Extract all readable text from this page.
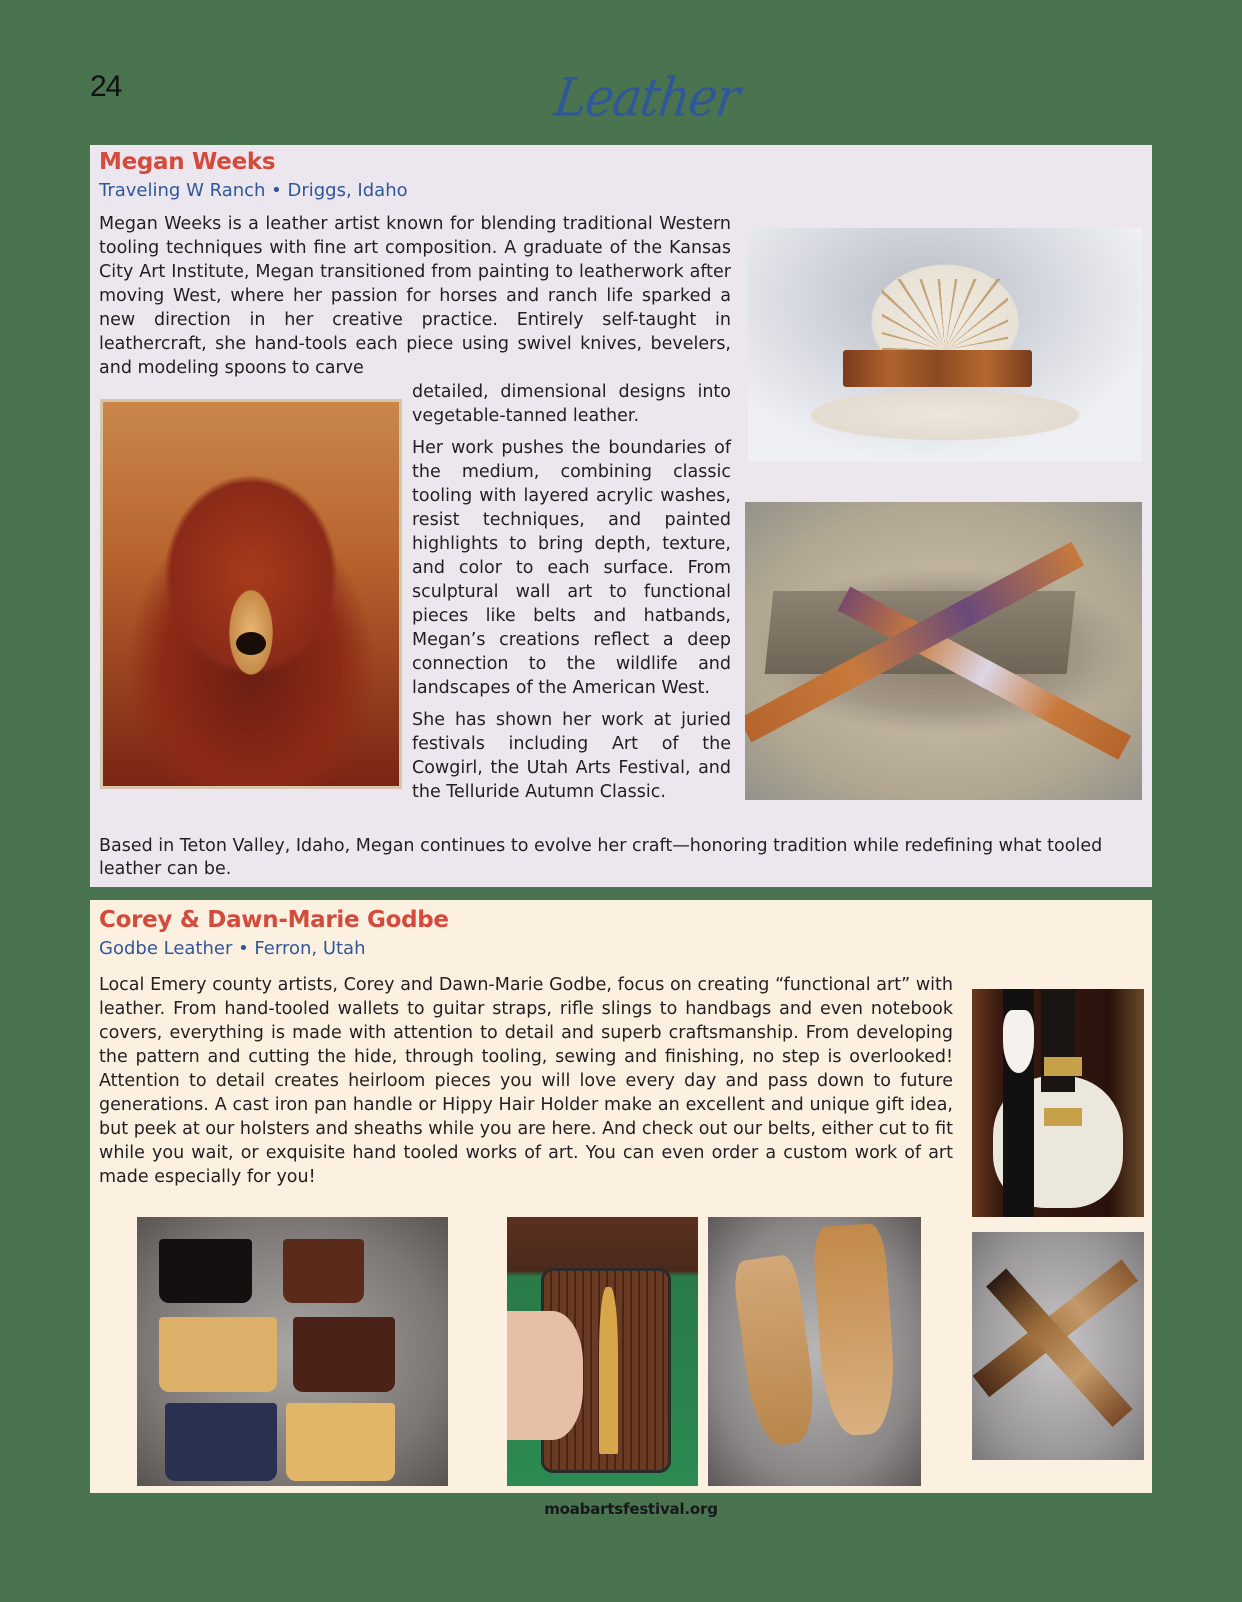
24	Leather
Megan Weeks
Traveling W Ranch • Driggs, Idaho
Megan Weeks is a leather artist known for blending traditional Western tooling techniques with fine art composition. A graduate of the Kansas City Art Institute, Megan transitioned from painting to leatherwork after moving West, where her passion for horses and ranch life sparked a new direction in her creative practice. Entirely self-taught in leathercraft, she hand-tools each piece using swivel knives, bevelers, and modeling spoons to carve

detailed, dimensional designs into vegetable-tanned leather.

Her work pushes the boundaries of the medium, combining classic tooling with layered acrylic washes, resist techniques, and painted highlights to bring depth, texture, and color to each surface. From sculptural wall art to functional pieces like belts and hatbands, Megan’s creations reflect a deep connection to the wildlife and landscapes of the American West.

She has shown her work at juried festivals including Art of the Cowgirl, the Utah Arts Festival, and the Telluride Autumn Classic.

Based in Teton Valley, Idaho, Megan continues to evolve her craft—honoring tradition while redefining what tooled leather can be.
Corey & Dawn-Marie Godbe
Godbe Leather • Ferron, Utah
Local Emery county artists, Corey and Dawn-Marie Godbe, focus on creating “functional art” with leather. From hand-tooled wallets to guitar straps, rifle slings to handbags and even notebook covers, everything is made with attention to detail and superb craftsmanship. From developing the pattern and cutting the hide, through tooling, sewing and finishing, no step is overlooked! Attention to detail creates heirloom pieces you will love every day and pass down to future generations. A cast iron pan handle or Hippy Hair Holder make an excellent and unique gift idea, but peek at our holsters and sheaths while you are here. And check out our belts, either cut to fit while you wait, or exquisite hand tooled works of art. You can even order a custom work of art made especially for you!
moabartsfestival.org
